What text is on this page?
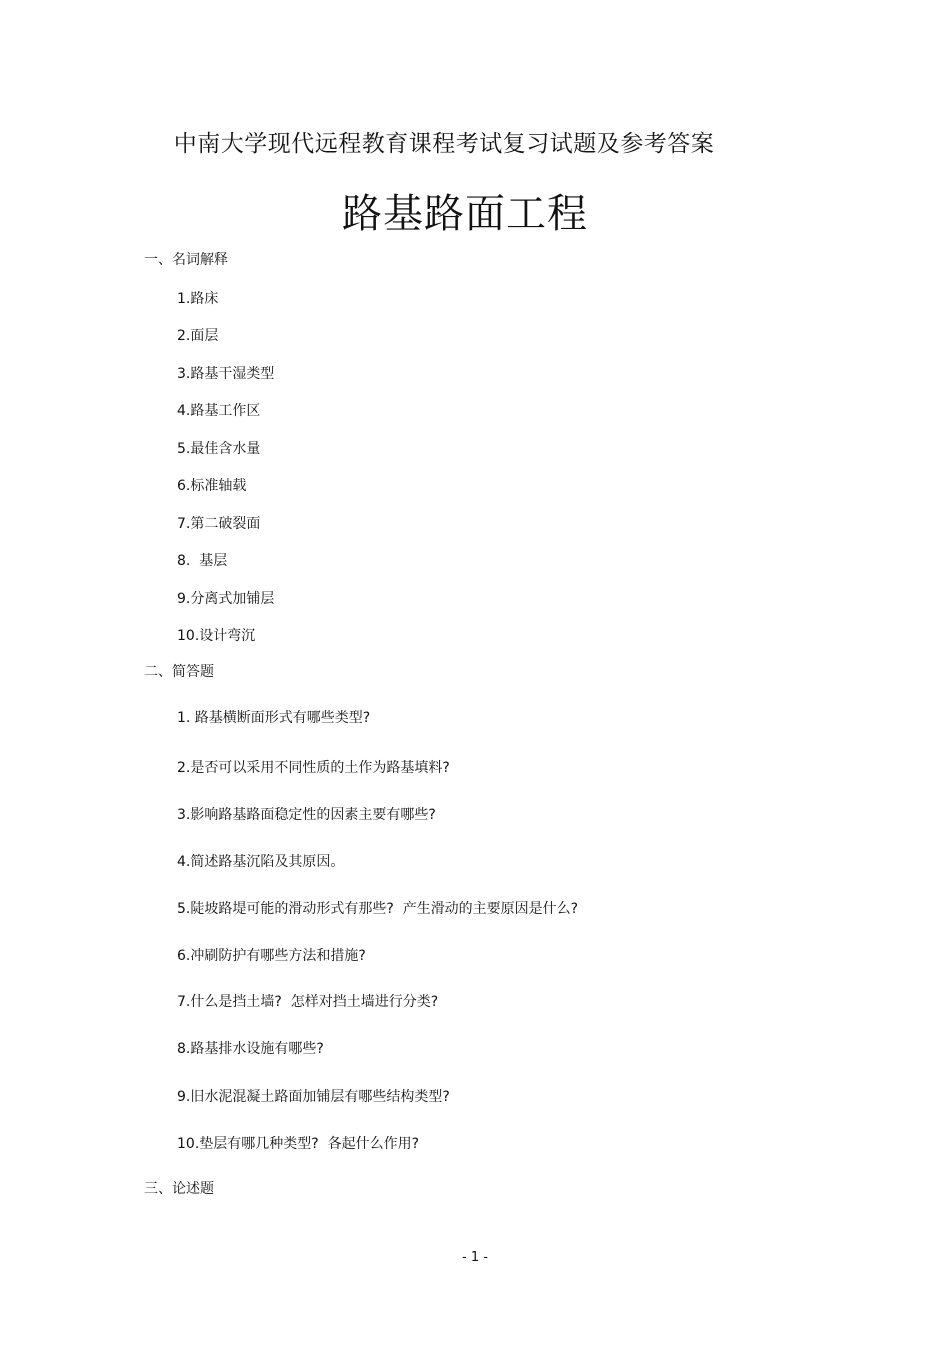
中南大学现代远程教育课程考试复习试题及参考答案
路基路面工程
一、名词解释
1.路床
2.面层
3.路基干湿类型
4.路基工作区
5.最佳含水量
6.标准轴载
7.第二破裂面
8.  基层
9.分离式加铺层
10.设计弯沉
二、简答题
1. 路基横断面形式有哪些类型?
2.是否可以采用不同性质的土作为路基填料?
3.影响路基路面稳定性的因素主要有哪些?
4.简述路基沉陷及其原因。
5.陡坡路堤可能的滑动形式有那些?  产生滑动的主要原因是什么?
6.冲刷防护有哪些方法和措施?
7.什么是挡土墙?  怎样对挡土墙进行分类?
8.路基排水设施有哪些?
9.旧水泥混凝土路面加铺层有哪些结构类型?
10.垫层有哪几种类型?  各起什么作用?
三、论述题
- 1 -
